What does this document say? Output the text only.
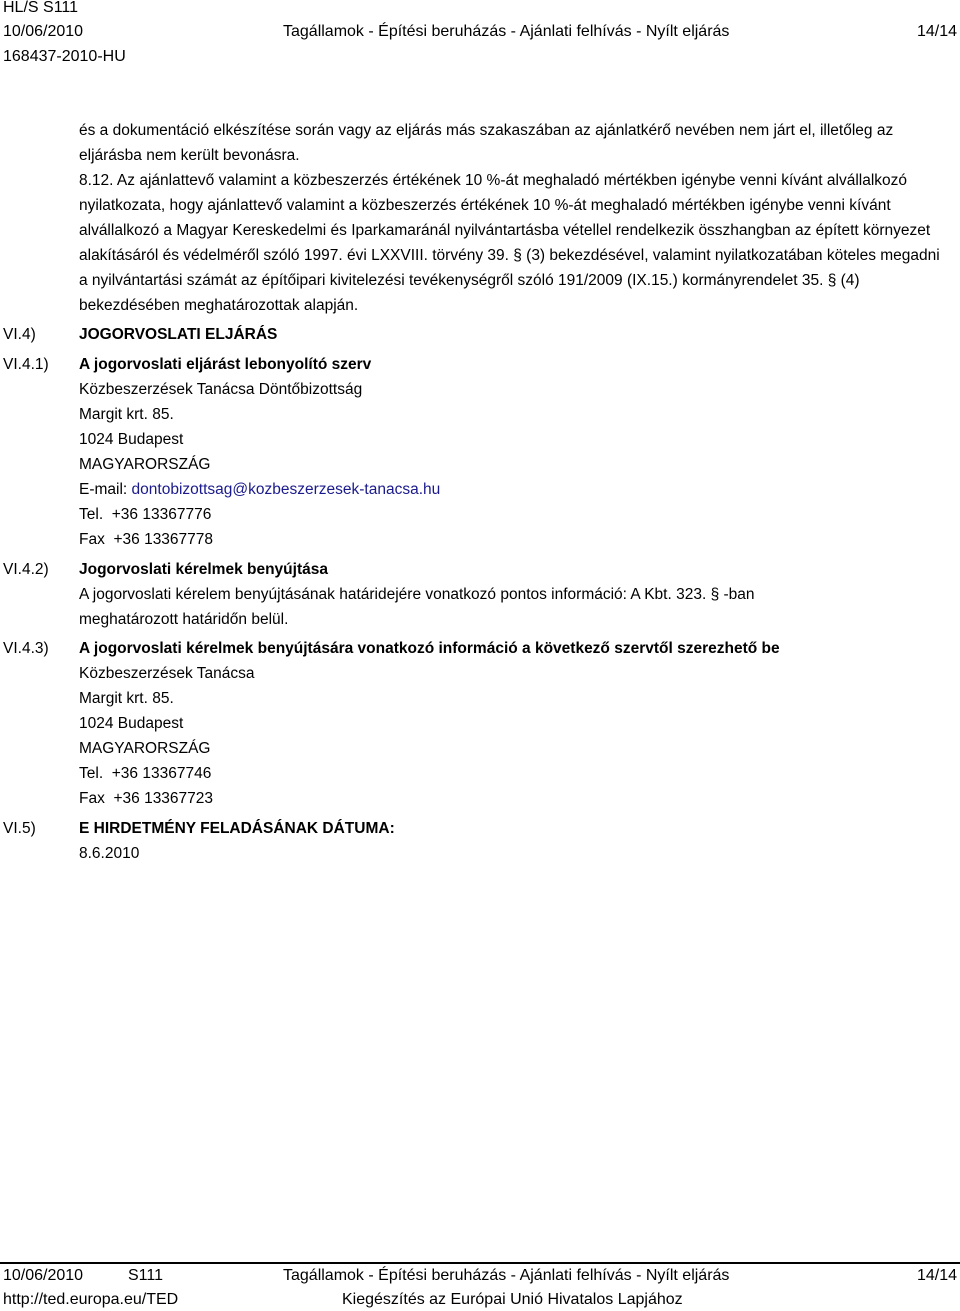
HL/S S111
10/06/2010	Tagállamok - Építési beruházás - Ajánlati felhívás - Nyílt eljárás	14/14
168437-2010-HU

és a dokumentáció elkészítése során vagy az eljárás más szakaszában az ajánlatkérő nevében nem járt el, illetőleg az eljárásba nem került bevonásra.

8.12. Az ajánlattevő valamint a közbeszerzés értékének 10 %-át meghaladó mértékben igénybe venni kívánt alvállalkozó nyilatkozata, hogy ajánlattevő valamint a közbeszerzés értékének 10 %-át meghaladó mértékben igénybe venni kívánt alvállalkozó a Magyar Kereskedelmi és Iparkamaránál nyilvántartásba vétellel rendelkezik összhangban az épített környezet alakításáról és védelméről szóló 1997. évi LXXVIII. törvény 39. § (3) bekezdésével, valamint nyilatkozatában köteles megadni a nyilvántartási számát az építőipari kivitelezési tevékenységről szóló 191/2009 (IX.15.) kormányrendelet 35. § (4) bekezdésében meghatározottak alapján.

VI.4)	JOGORVOSLATI ELJÁRÁS
VI.4.1) A jogorvoslati eljárást lebonyolító szerv
Közbeszerzések Tanácsa Döntőbizottság
Margit krt. 85.
1024 Budapest
MAGYARORSZÁG
E-mail: dontobizottsag@kozbeszerzesek-tanacsa.hu
Tel. +36 13367776
Fax +36 13367778
VI.4.2) Jogorvoslati kérelmek benyújtása
A jogorvoslati kérelem benyújtásának határidejére vonatkozó pontos információ: A Kbt. 323. § -ban
meghatározott határidőn belül.
VI.4.3) A jogorvoslati kérelmek benyújtására vonatkozó információ a következő szervtől szerezhető be
Közbeszerzések Tanácsa
Margit krt. 85.
1024 Budapest
MAGYARORSZÁG
Tel. +36 13367746
Fax +36 13367723
VI.5)	E HIRDETMÉNY FELADÁSÁNAK DÁTUMA:
8.6.2010
10/06/2010	S111	Tagállamok - Építési beruházás - Ajánlati felhívás - Nyílt eljárás	14/14
http://ted.europa.eu/TED	Kiegészítés az Európai Unió Hivatalos Lapjához
